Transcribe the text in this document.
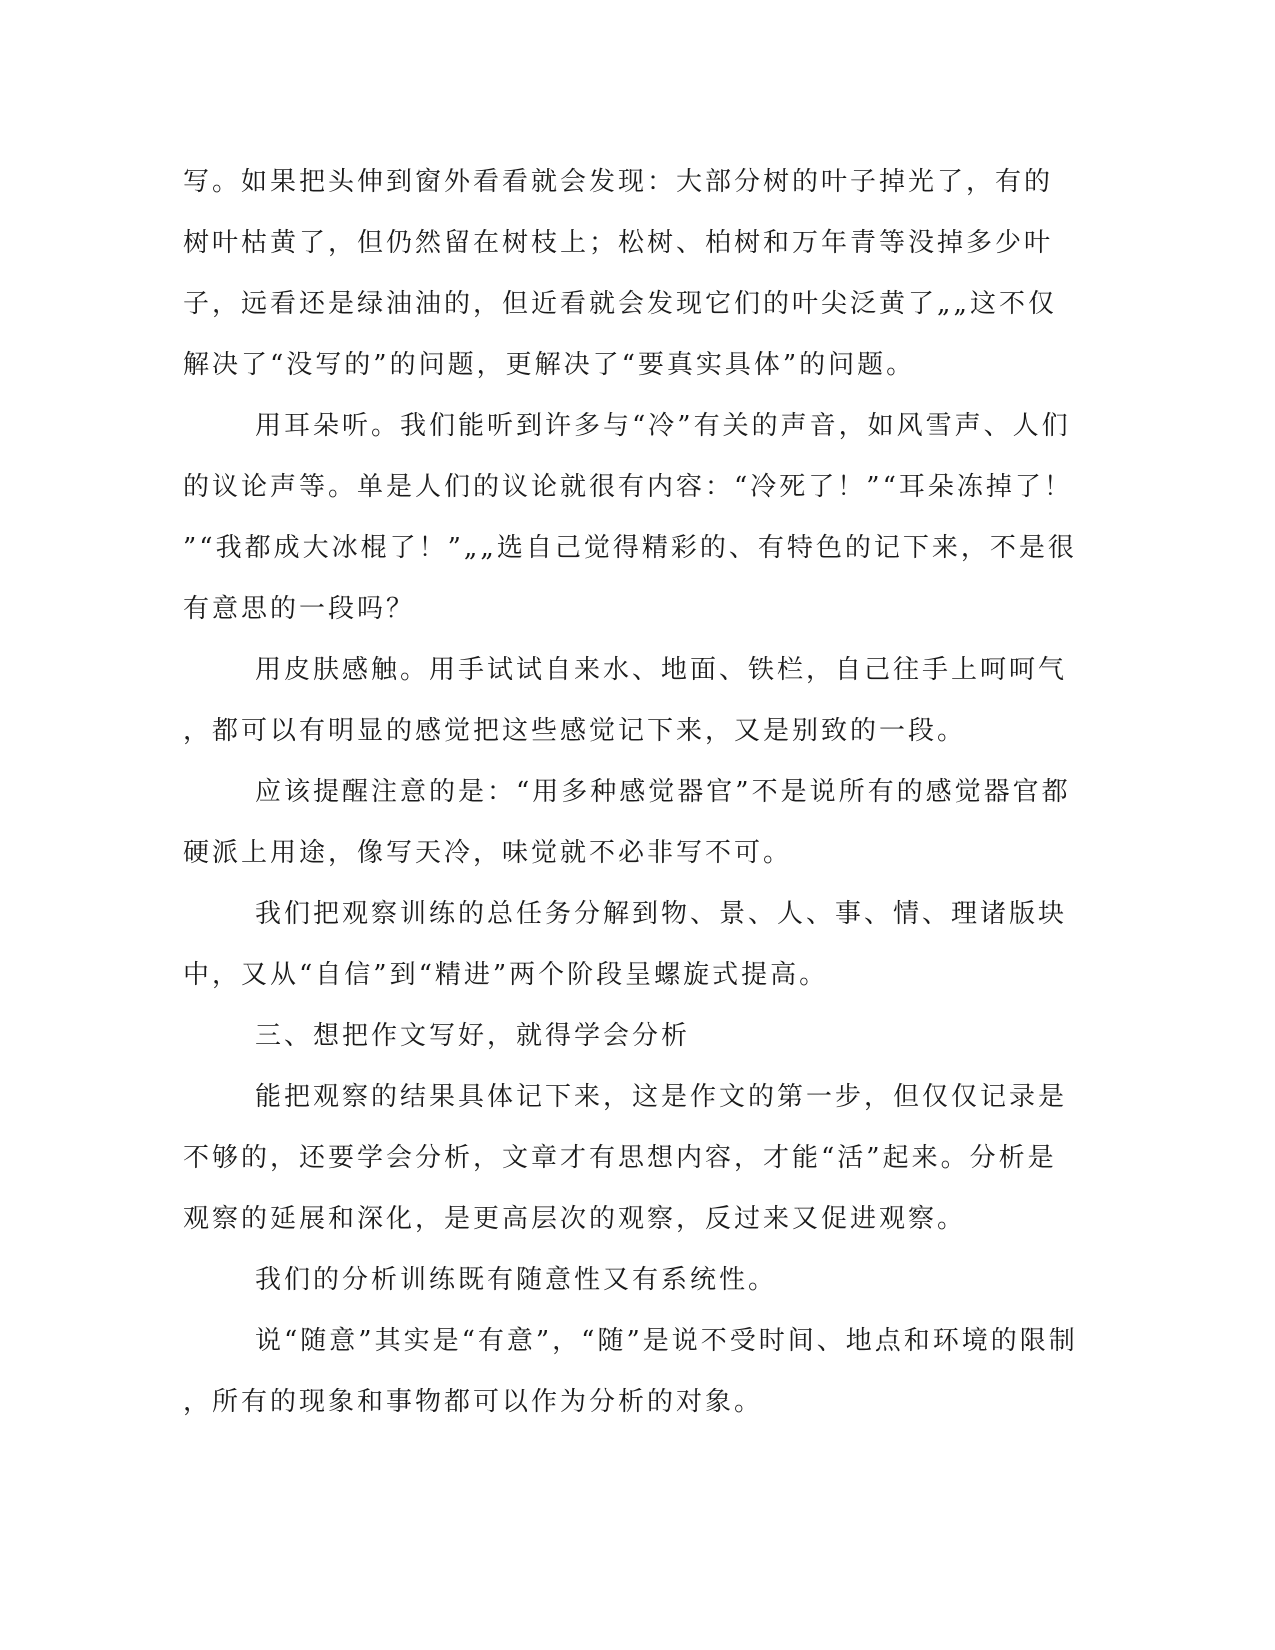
写。如果把头伸到窗外看看就会发现：大部分树的叶子掉光了，有的
树叶枯黄了，但仍然留在树枝上；松树、柏树和万年青等没掉多少叶
子，远看还是绿油油的，但近看就会发现它们的叶尖泛黄了„„这不仅
解决了“没写的”的问题，更解决了“要真实具体”的问题。
用耳朵听。我们能听到许多与“冷”有关的声音，如风雪声、人们
的议论声等。单是人们的议论就很有内容：“冷死了！”“耳朵冻掉了！
”“我都成大冰棍了！”„„选自己觉得精彩的、有特色的记下来，不是很
有意思的一段吗？
用皮肤感触。用手试试自来水、地面、铁栏，自己往手上呵呵气
，都可以有明显的感觉把这些感觉记下来，又是别致的一段。
应该提醒注意的是：“用多种感觉器官”不是说所有的感觉器官都
硬派上用途，像写天冷，味觉就不必非写不可。
我们把观察训练的总任务分解到物、景、人、事、情、理诸版块
中，又从“自信”到“精进”两个阶段呈螺旋式提高。
三、想把作文写好，就得学会分析
能把观察的结果具体记下来，这是作文的第一步，但仅仅记录是
不够的，还要学会分析，文章才有思想内容，才能“活”起来。分析是
观察的延展和深化，是更高层次的观察，反过来又促进观察。
我们的分析训练既有随意性又有系统性。
说“随意”其实是“有意”，“随”是说不受时间、地点和环境的限制
，所有的现象和事物都可以作为分析的对象。
